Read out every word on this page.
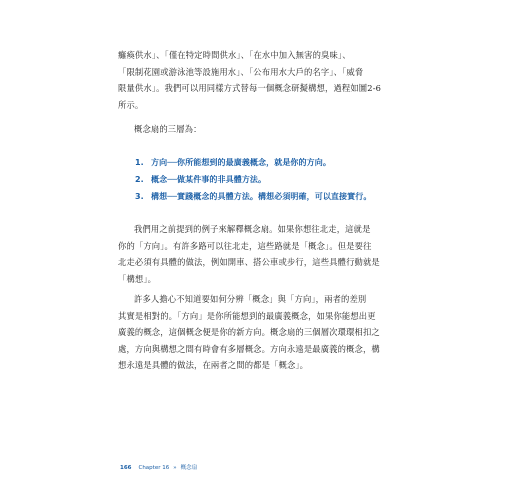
癱瘓供水」、「僅在特定時間供水」、「在水中加入無害的臭味」、
「限制花園或游泳池等設施用水」、「公布用水大戶的名字」、「威脅
限量供水」。我們可以用同樣方式替每一個概念研擬構想，過程如圖2-6
所示。
概念扇的三層為：
1. 方向──你所能想到的最廣義概念，就是你的方向。
2. 概念──做某件事的非具體方法。
3. 構想──實踐概念的具體方法。構想必須明確，可以直接實行。
我們用之前提到的例子來解釋概念扇。如果你想往北走，這就是
你的「方向」。有許多路可以往北走，這些路就是「概念」。但是要往
北走必須有具體的做法，例如開車、搭公車或步行，這些具體行動就是
「構想」。
許多人擔心不知道要如何分辨「概念」與「方向」，兩者的差別
其實是相對的。「方向」是你所能想到的最廣義概念，如果你能想出更
廣義的概念，這個概念便是你的新方向。概念扇的三個層次環環相扣之
處，方向與構想之間有時會有多層概念。方向永遠是最廣義的概念，構
想永遠是具體的做法，在兩者之間的都是「概念」。
166 Chapter 16 » 概念扇
